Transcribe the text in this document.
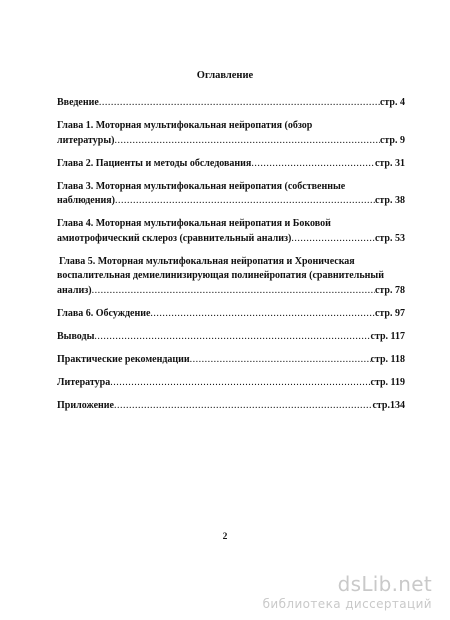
Оглавление
Введение .....	стр. 4
Глава 1. Моторная мультифокальная нейропатия (обзор
литературы) .....	стр. 9
Глава 2. Пациенты и методы обследования .....	стр. 31
Глава 3. Моторная мультифокальная нейропатия (собственные
наблюдения) .....	стр. 38
Глава 4. Моторная мультифокальная нейропатия и Боковой
амиотрофический склероз (сравнительный анализ) .....	стр. 53
Глава 5. Моторная мультифокальная нейропатия и Хроническая
воспалительная демиелинизирующая полинейропатия (сравнительный
анализ) .....	стр. 78
Глава 6. Обсуждение .....	стр. 97
Выводы .....	стр. 117
Практические рекомендации .....	стр. 118
Литература .....	стр. 119
Приложение .....	стр.134
2
dsLib.net
библиотека диссертаций
